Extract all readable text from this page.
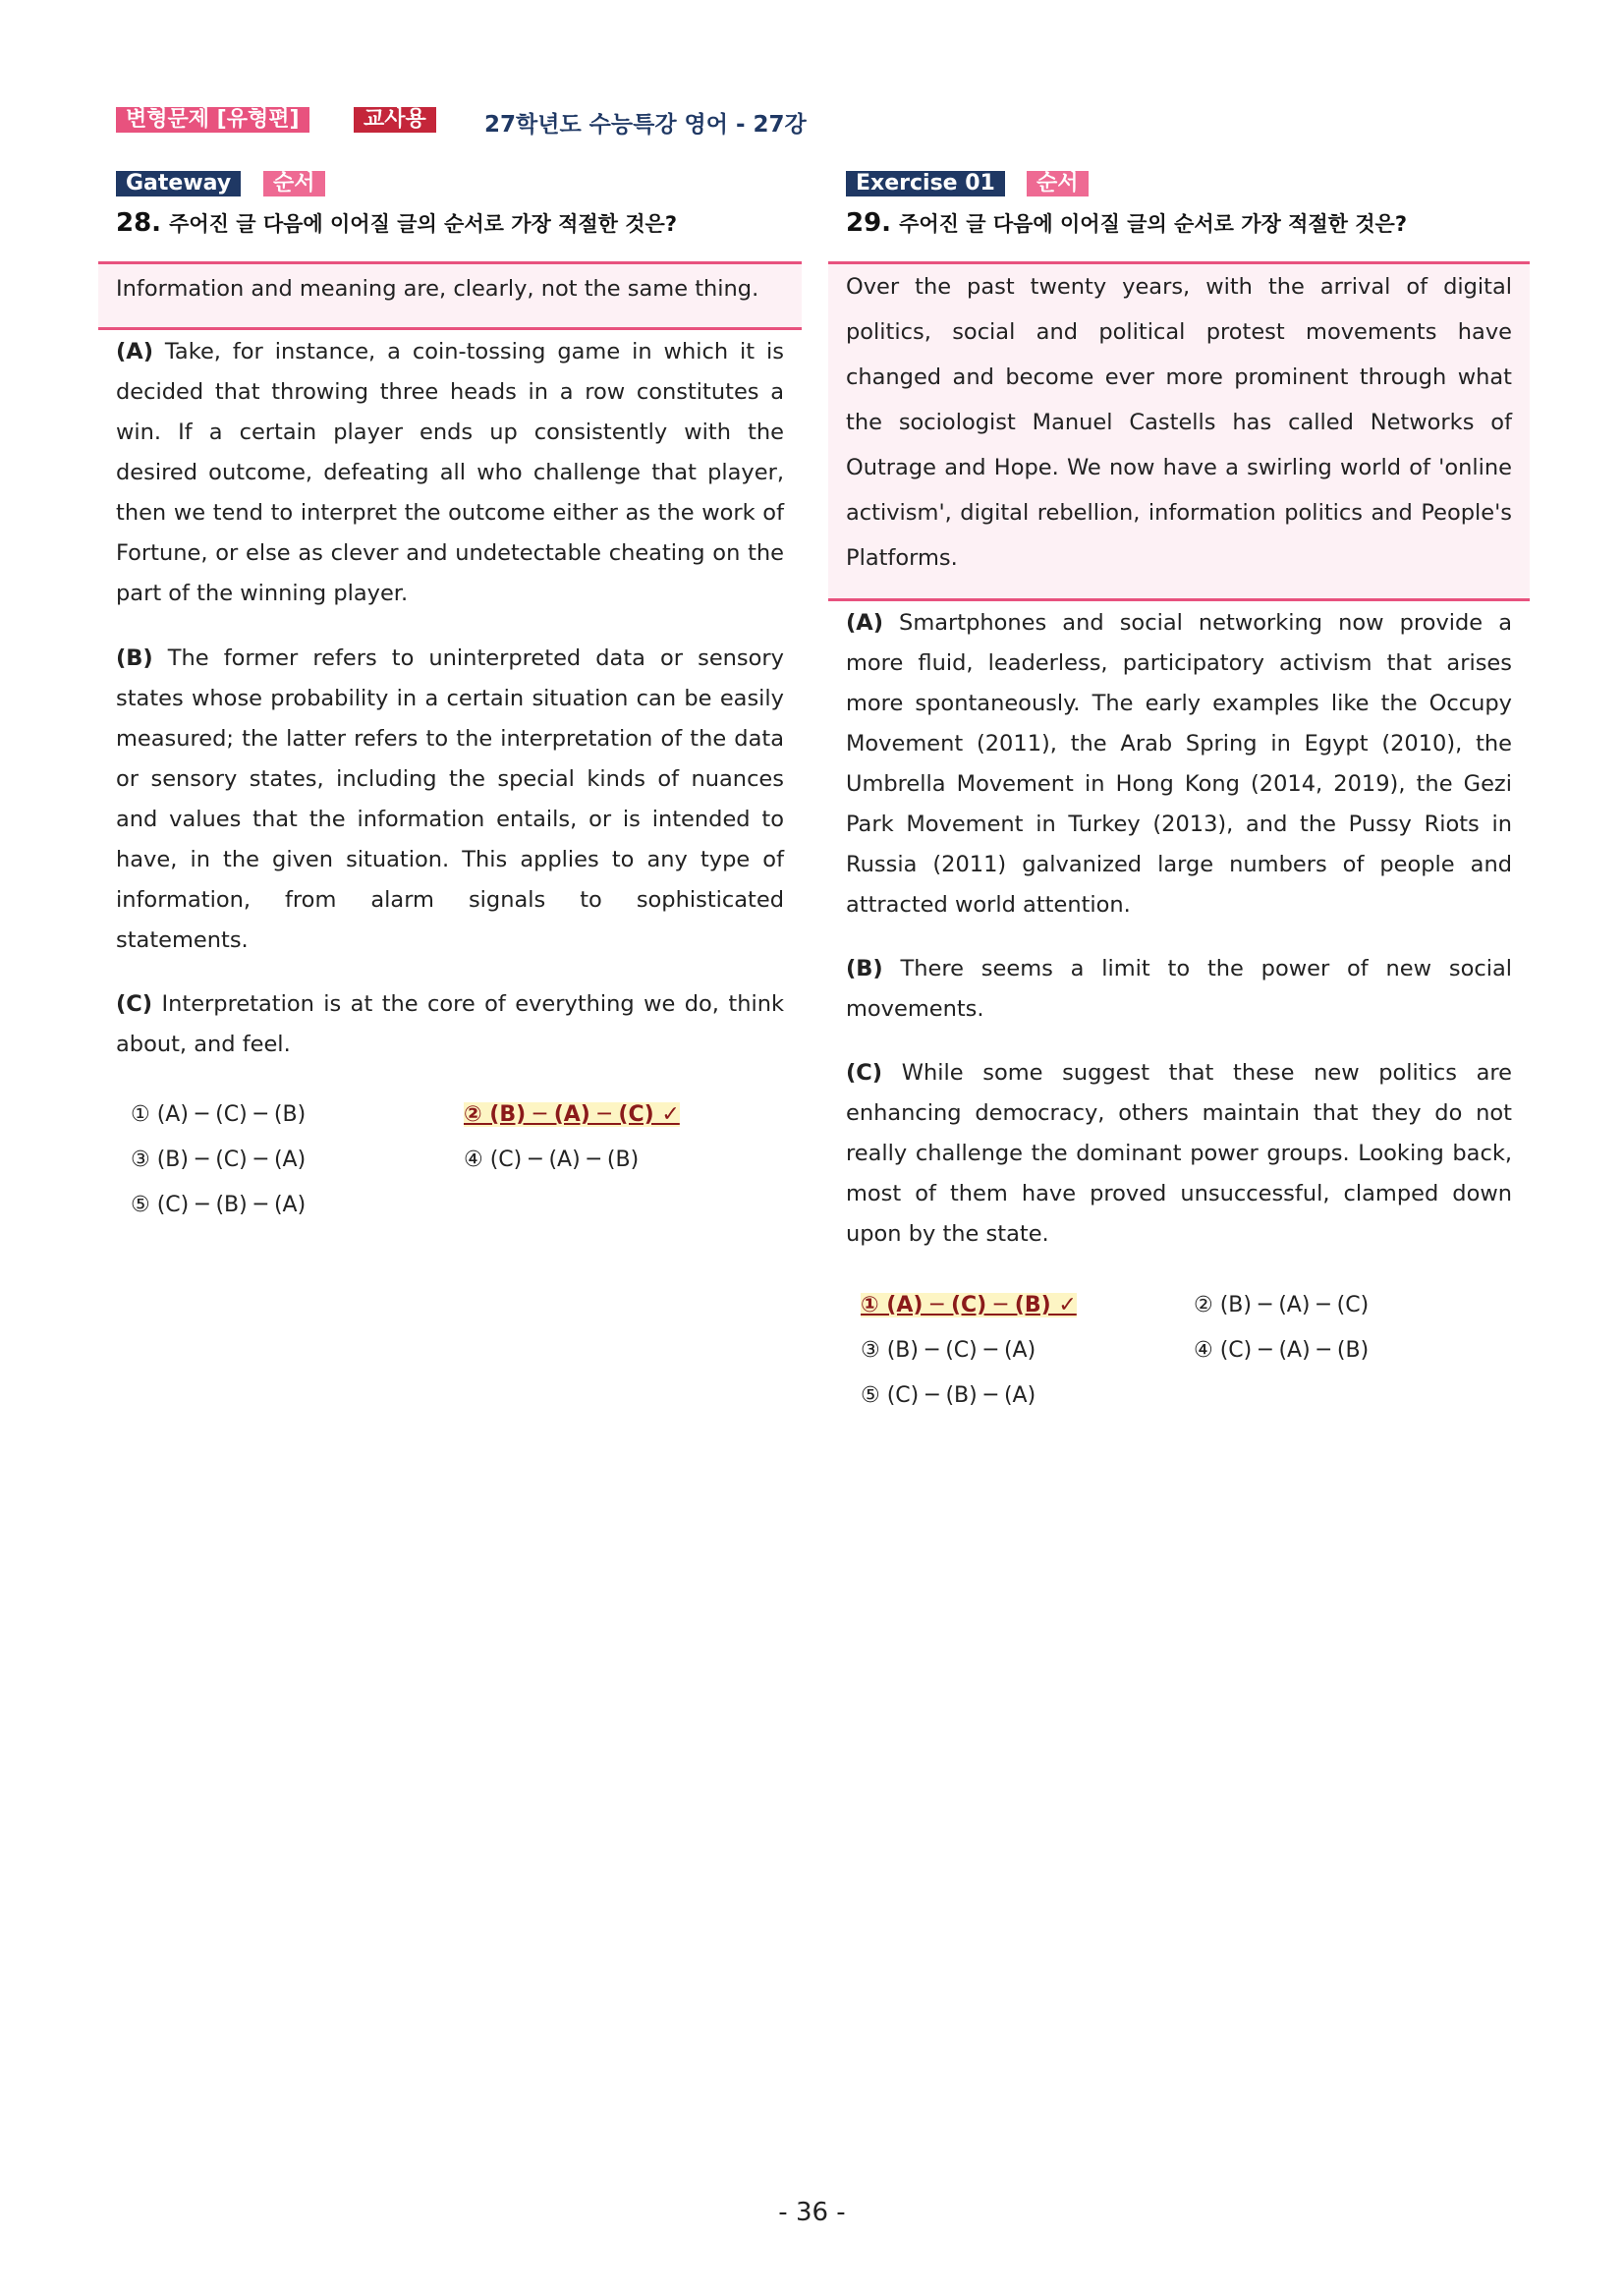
변형문제 [유형편]	교사용	27학년도 수능특강 영어 - 27강
Gateway	순서
28. 주어진 글 다음에 이어질 글의 순서로 가장 적절한 것은?
Information and meaning are, clearly, not the same thing.
(A) Take, for instance, a coin-tossing game in which it is decided that throwing three heads in a row constitutes a win. If a certain player ends up consistently with the desired outcome, defeating all who challenge that player, then we tend to interpret the outcome either as the work of Fortune, or else as clever and undetectable cheating on the part of the winning player.
(B) The former refers to uninterpreted data or sensory states whose probability in a certain situation can be easily measured; the latter refers to the interpretation of the data or sensory states, including the special kinds of nuances and values that the information entails, or is intended to have, in the given situation. This applies to any type of information, from alarm signals to sophisticated statements.
(C) Interpretation is at the core of everything we do, think about, and feel.
① (A) ─ (C) ─ (B)	② (B) ─ (A) ─ (C) ✓
③ (B) ─ (C) ─ (A)	④ (C) ─ (A) ─ (B)
⑤ (C) ─ (B) ─ (A)
Exercise 01	순서
29. 주어진 글 다음에 이어질 글의 순서로 가장 적절한 것은?
Over the past twenty years, with the arrival of digital politics, social and political protest movements have changed and become ever more prominent through what the sociologist Manuel Castells has called Networks of Outrage and Hope. We now have a swirling world of 'online activism', digital rebellion, information politics and People's Platforms.
(A) Smartphones and social networking now provide a more fluid, leaderless, participatory activism that arises more spontaneously. The early examples like the Occupy Movement (2011), the Arab Spring in Egypt (2010), the Umbrella Movement in Hong Kong (2014, 2019), the Gezi Park Movement in Turkey (2013), and the Pussy Riots in Russia (2011) galvanized large numbers of people and attracted world attention.
(B) There seems a limit to the power of new social movements.
(C) While some suggest that these new politics are enhancing democracy, others maintain that they do not really challenge the dominant power groups. Looking back, most of them have proved unsuccessful, clamped down upon by the state.
① (A) ─ (C) ─ (B) ✓	② (B) ─ (A) ─ (C)
③ (B) ─ (C) ─ (A)	④ (C) ─ (A) ─ (B)
⑤ (C) ─ (B) ─ (A)
- 36 -
